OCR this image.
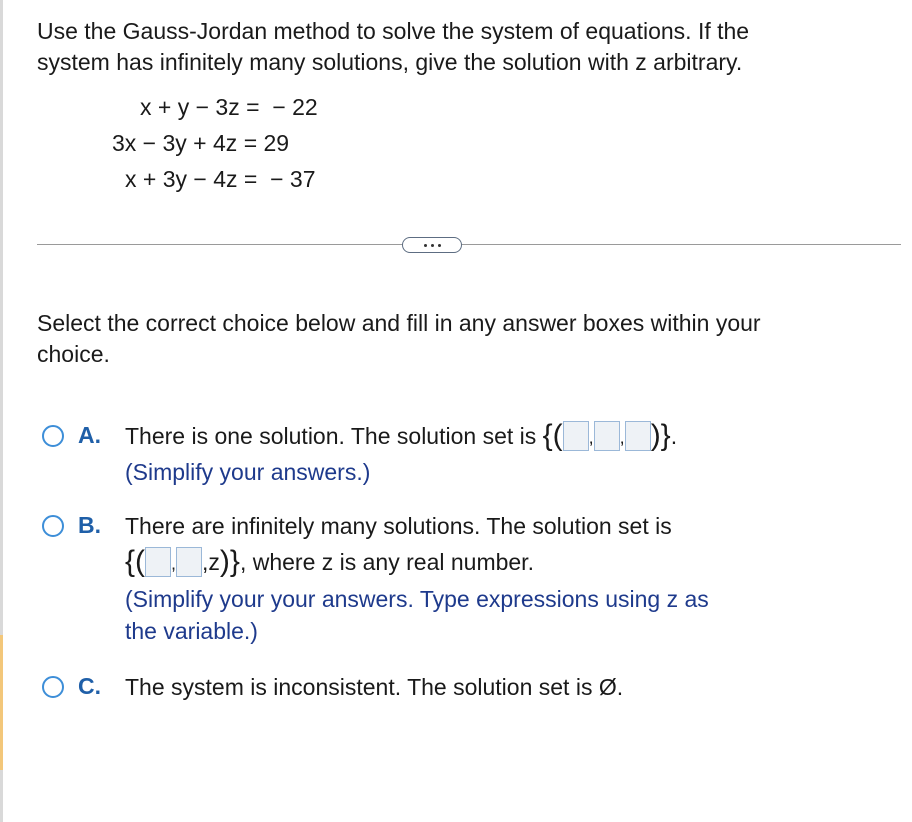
Use the Gauss-Jordan method to solve the system of equations. If the
system has infinitely many solutions, give the solution with z arbitrary.
x + y − 3z =  − 22
3x − 3y + 4z = 29
x + 3y − 4z =  − 37
Select the correct choice below and fill in any answer boxes within your
choice.
A. There is one solution. The solution set is {( , , )}.
(Simplify your answers.)
B. There are infinitely many solutions. The solution set is
{( , ,z)}, where z is any real number.
(Simplify your your answers. Type expressions using z as
the variable.)
C. The system is inconsistent. The solution set is Ø.
